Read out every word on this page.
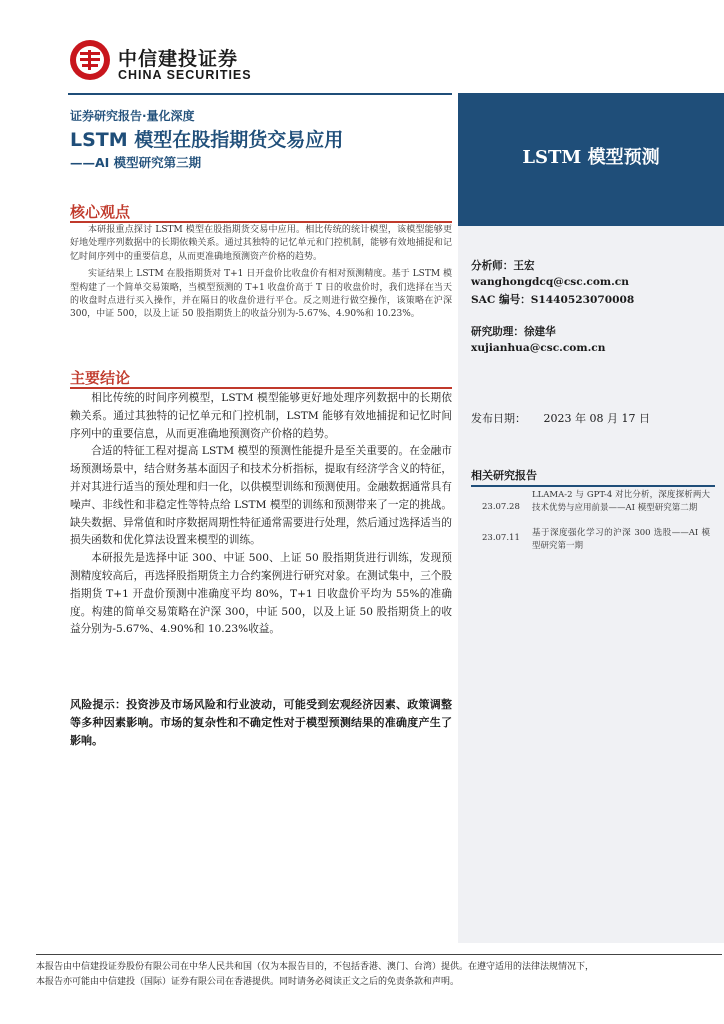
中信建投证券
CHINA SECURITIES
LSTM 模型预测
证券研究报告·量化深度
LSTM 模型在股指期货交易应用
——AI 模型研究第三期
核心观点

本研报重点探讨 LSTM 模型在股指期货交易中应用。相比传统的统计模型，该模型能够更好地处理序列数据中的长期依赖关系。通过其独特的记忆单元和门控机制，能够有效地捕捉和记忆时间序列中的重要信息，从而更准确地预测资产价格的趋势。

实证结果上 LSTM 在股指期货对 T+1 日开盘价比收盘价有相对预测精度。基于 LSTM 模型构建了一个简单交易策略，当模型预测的 T+1 收盘价高于 T 日的收盘价时，我们选择在当天的收盘时点进行买入操作，并在隔日的收盘价进行平仓。反之则进行做空操作，该策略在沪深 300，中证 500，以及上证 50 股指期货上的收益分别为-5.67%、4.90%和 10.23%。

主要结论

相比传统的时间序列模型，LSTM 模型能够更好地处理序列数据中的长期依赖关系。通过其独特的记忆单元和门控机制，LSTM 能够有效地捕捉和记忆时间序列中的重要信息，从而更准确地预测资产价格的趋势。

合适的特征工程对提高 LSTM 模型的预测性能提升是至关重要的。在金融市场预测场景中，结合财务基本面因子和技术分析指标，提取有经济学含义的特征，并对其进行适当的预处理和归一化，以供模型训练和预测使用。金融数据通常具有噪声、非线性和非稳定性等特点给 LSTM 模型的训练和预测带来了一定的挑战。缺失数据、异常值和时序数据周期性特征通常需要进行处理，然后通过选择适当的损失函数和优化算法设置来模型的训练。

本研报先是选择中证 300、中证 500、上证 50 股指期货进行训练，发现预测精度较高后，再选择股指期货主力合约案例进行研究对象。在测试集中，三个股指期货 T+1 开盘价预测中准确度平均 80%，T+1 日收盘价平均为 55%的准确度。构建的简单交易策略在沪深 300，中证 500，以及上证 50 股指期货上的收益分别为-5.67%、4.90%和 10.23%收益。

风险提示：投资涉及市场风险和行业波动，可能受到宏观经济因素、政策调整等多种因素影响。市场的复杂性和不确定性对于模型预测结果的准确度产生了影响。

分析师：王宏
wanghongdcq@csc.com.cn
SAC 编号：S1440523070008
研究助理：徐建华
xujianhua@csc.com.cn
发布日期： 2023 年 08 月 17 日
相关研究报告
23.07.28
LLAMA-2 与 GPT-4 对比分析，深度探析两大技术优势与应用前景——AI 模型研究第二期
23.07.11 基于深度强化学习的沪深 300 选股——AI 模型研究第一期
本报告由中信建投证券股份有限公司在中华人民共和国（仅为本报告目的，不包括香港、澳门、台湾）提供。在遵守适用的法律法规情况下，
本报告亦可能由中信建投（国际）证券有限公司在香港提供。同时请务必阅读正文之后的免责条款和声明。
